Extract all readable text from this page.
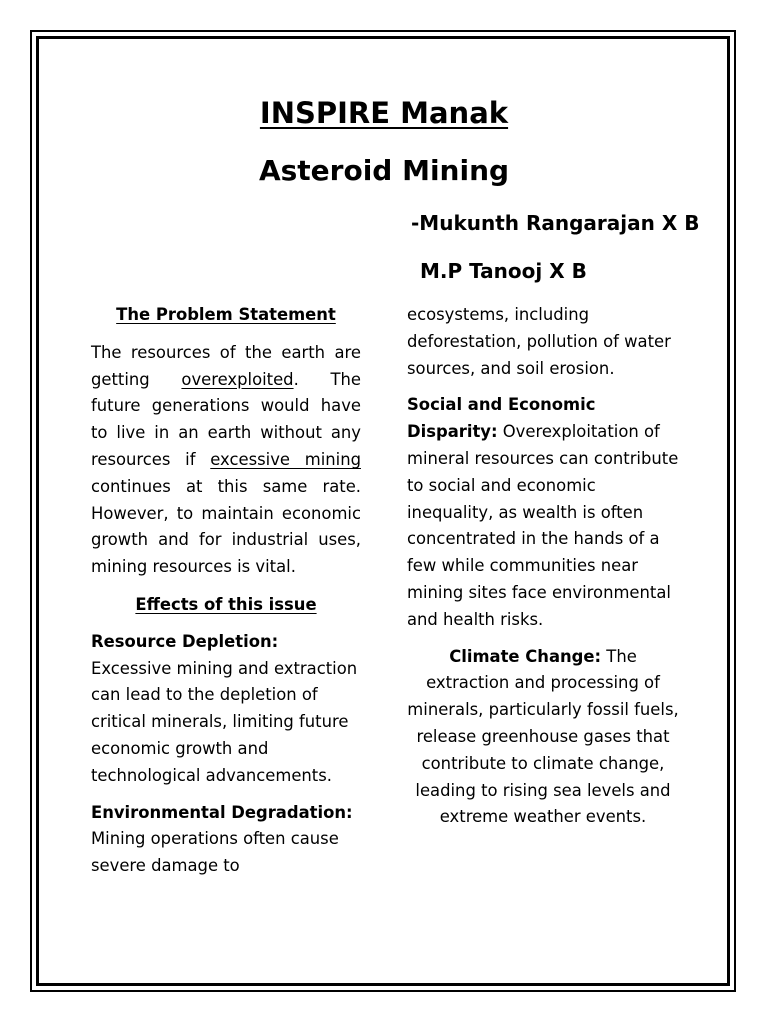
INSPIRE Manak
Asteroid Mining
-Mukunth Rangarajan X B
M.P Tanooj X B

The Problem Statement

The resources of the earth are getting overexploited. The future generations would have to live in an earth without any resources if excessive mining continues at this same rate. However, to maintain economic growth and for industrial uses, mining resources is vital.

Effects of this issue

Resource Depletion:
Excessive mining and extraction can lead to the depletion of critical minerals, limiting future economic growth and technological advancements.

Environmental Degradation:
Mining operations often cause severe damage to

ecosystems, including deforestation, pollution of water sources, and soil erosion.

Social and Economic Disparity: Overexploitation of mineral resources can contribute to social and economic inequality, as wealth is often concentrated in the hands of a few while communities near mining sites face environmental and health risks.

Climate Change: The extraction and processing of minerals, particularly fossil fuels, release greenhouse gases that contribute to climate change, leading to rising sea levels and extreme weather events.
